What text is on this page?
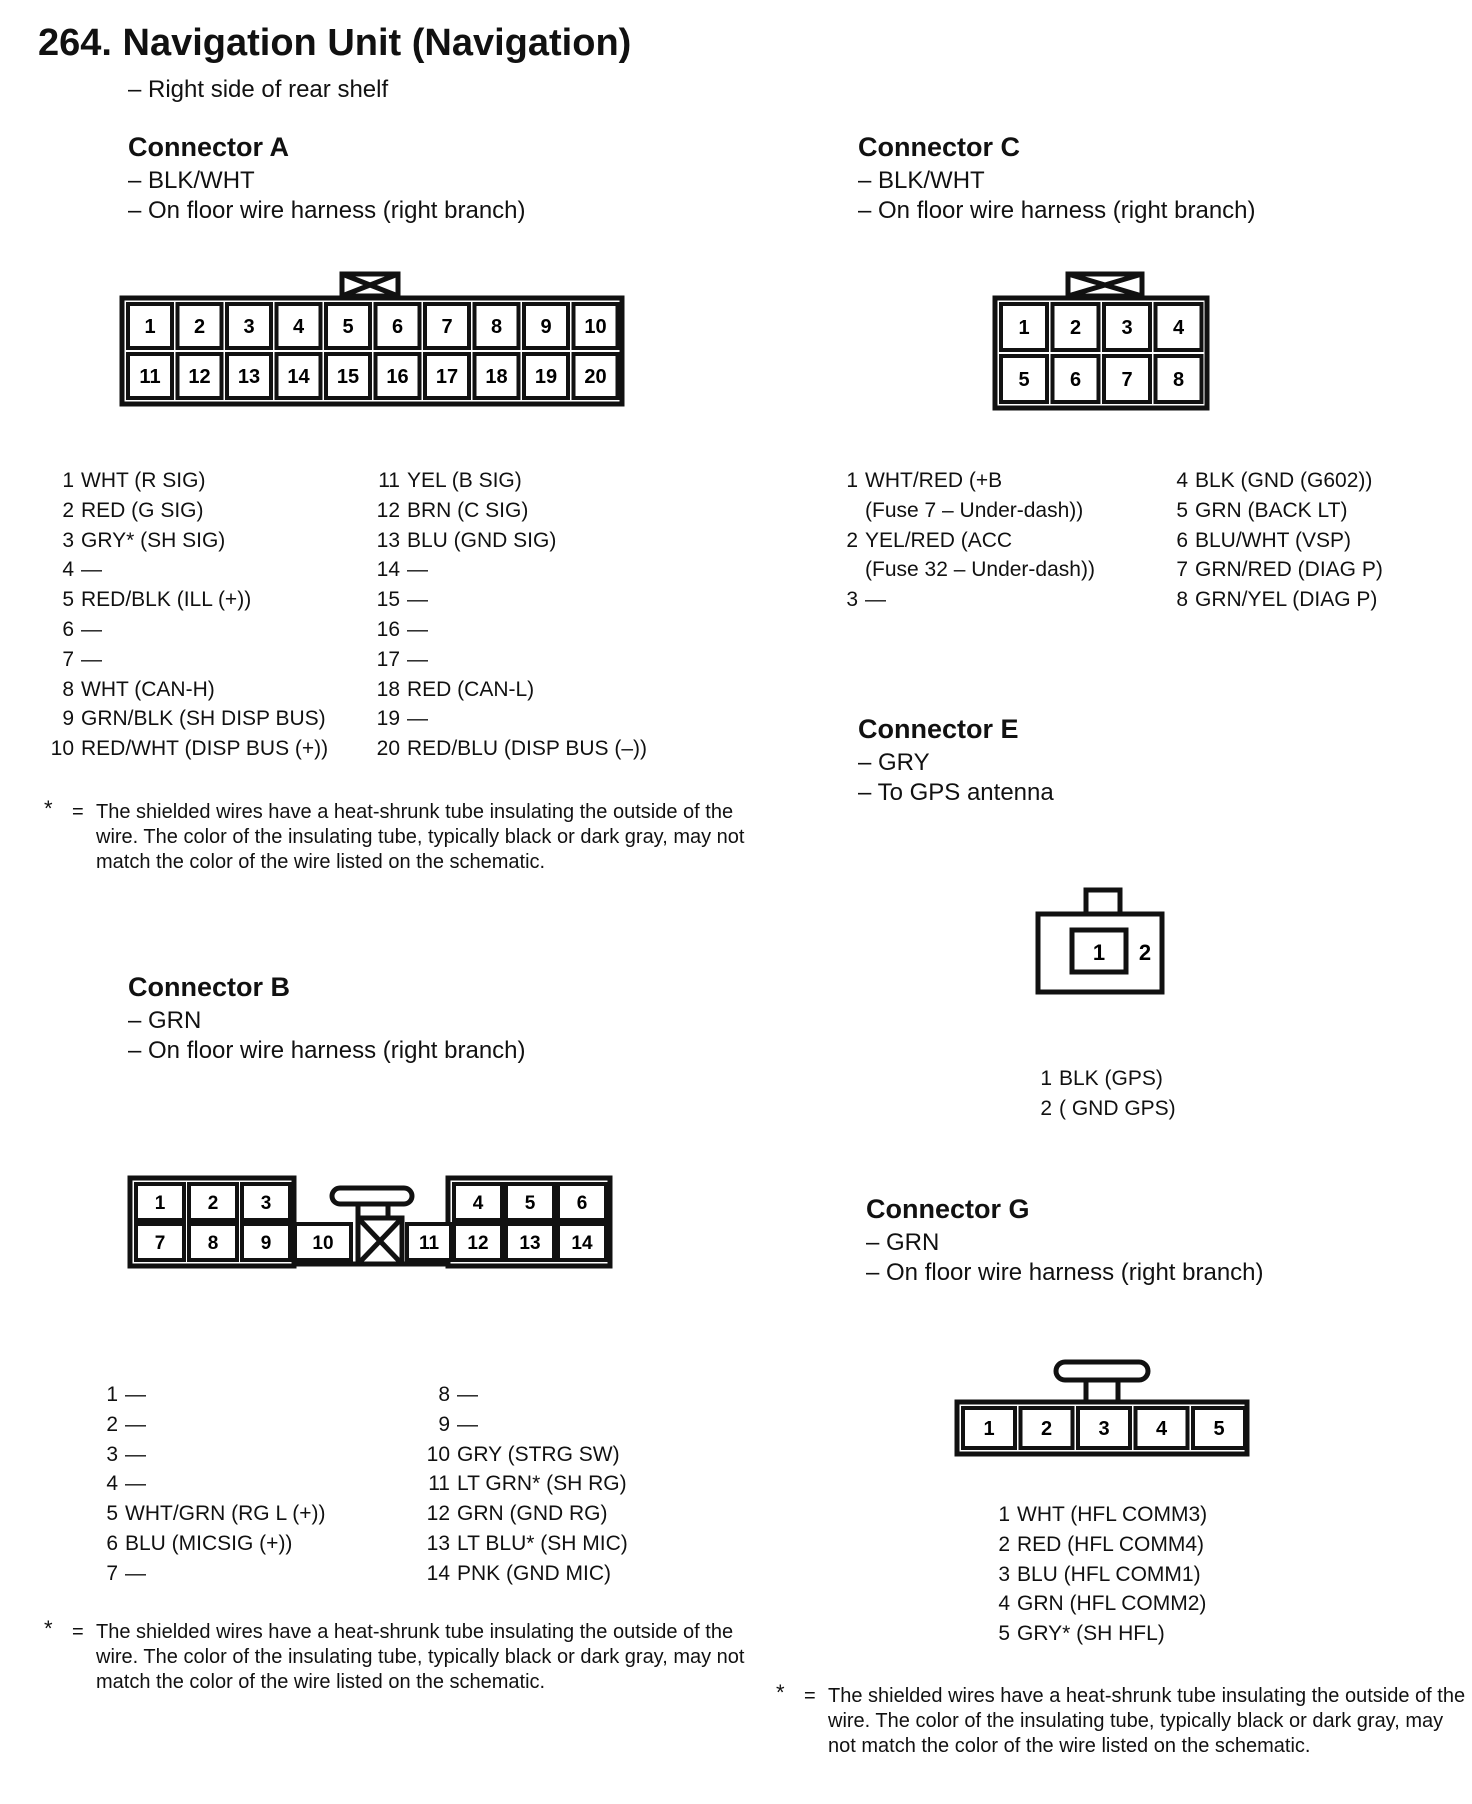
264. Navigation Unit (Navigation)
– Right side of rear shelf
Connector A
– BLK/WHT
– On floor wire harness (right branch)
1 2 3 4 5 6 7 8 9 10
11 12 13 14 15 16 17 18 19 20
1 WHT (R SIG)
2 RED (G SIG)
3 GRY* (SH SIG)
4 —
5 RED/BLK (ILL (+))
6 —
7 —
8 WHT (CAN-H)
9 GRN/BLK (SH DISP BUS)
10 RED/WHT (DISP BUS (+))
11 YEL (B SIG)
12 BRN (C SIG)
13 BLU (GND SIG)
14 —
15 —
16 —
17 —
18 RED (CAN-L)
19 —
20 RED/BLU (DISP BUS (–))
* = The shielded wires have a heat-shrunk tube insulating the outside of the wire. The color of the insulating tube, typically black or dark gray, may not match the color of the wire listed on the schematic.
Connector B
– GRN
– On floor wire harness (right branch)
1 2 3	4 5 6
7 8 9 10	11 12 13 14
1 —
2 —
3 —
4 —
5 WHT/GRN (RG L (+))
6 BLU (MICSIG (+))
7 —
8 —
9 —
10 GRY (STRG SW)
11 LT GRN* (SH RG)
12 GRN (GND RG)
13 LT BLU* (SH MIC)
14 PNK (GND MIC)
* = The shielded wires have a heat-shrunk tube insulating the outside of the wire. The color of the insulating tube, typically black or dark gray, may not match the color of the wire listed on the schematic.
Connector C
– BLK/WHT
– On floor wire harness (right branch)
1 2 3 4
5 6 7 8
1 WHT/RED (+B
(Fuse 7 – Under-dash))
2 YEL/RED (ACC
(Fuse 32 – Under-dash))
3 —
4 BLK (GND (G602))
5 GRN (BACK LT)
6 BLU/WHT (VSP)
7 GRN/RED (DIAG P)
8 GRN/YEL (DIAG P)
Connector E
– GRY
– To GPS antenna
1 2
1 BLK (GPS)
2 ( GND GPS)
Connector G
– GRN
– On floor wire harness (right branch)
1 2 3 4 5
1 WHT (HFL COMM3)
2 RED (HFL COMM4)
3 BLU (HFL COMM1)
4 GRN (HFL COMM2)
5 GRY* (SH HFL)
* = The shielded wires have a heat-shrunk tube insulating the outside of the wire. The color of the insulating tube, typically black or dark gray, may not match the color of the wire listed on the schematic.
